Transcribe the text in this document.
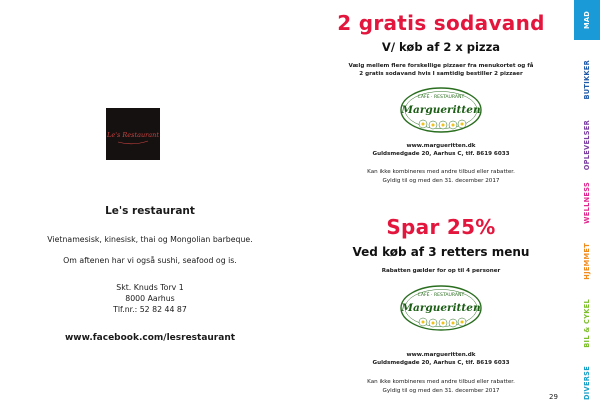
Le's Restaurant
Le's restaurant
Vietnamesisk, kinesisk, thai og Mongolian barbeque.
Om aftenen har vi også sushi, seafood og is.
Skt. Knuds Torv 1
8000 Aarhus
Tlf.nr.: 52 82 44 87
www.facebook.com/lesrestaurant
2 gratis sodavand
V/ køb af 2 x pizza
Vælg mellem flere forskellige pizzaer fra menukortet og få
2 gratis sodavand hvis I samtidig bestiller 2 pizzaer
CAFÉ · RESTAURANT
Margueritten
www.margueritten.dk
Guldsmedgade 20, Aarhus C, tlf. 8619 6033
Kan ikke kombineres med andre tilbud eller rabatter.
Gyldig til og med den 31. december 2017
Spar 25%
Ved køb af 3 retters menu
Rabatten gælder for op til 4 personer
CAFÉ · RESTAURANT
Margueritten
www.margueritten.dk
Guldsmedgade 20, Aarhus C, tlf. 8619 6033
Kan ikke kombineres med andre tilbud eller rabatter.
Gyldig til og med den 31. december 2017
29
MAD
BUTIKKER
OPLEVELSER
WELLNESS
HJEMMET
BIL & CYKEL
DIVERSE
